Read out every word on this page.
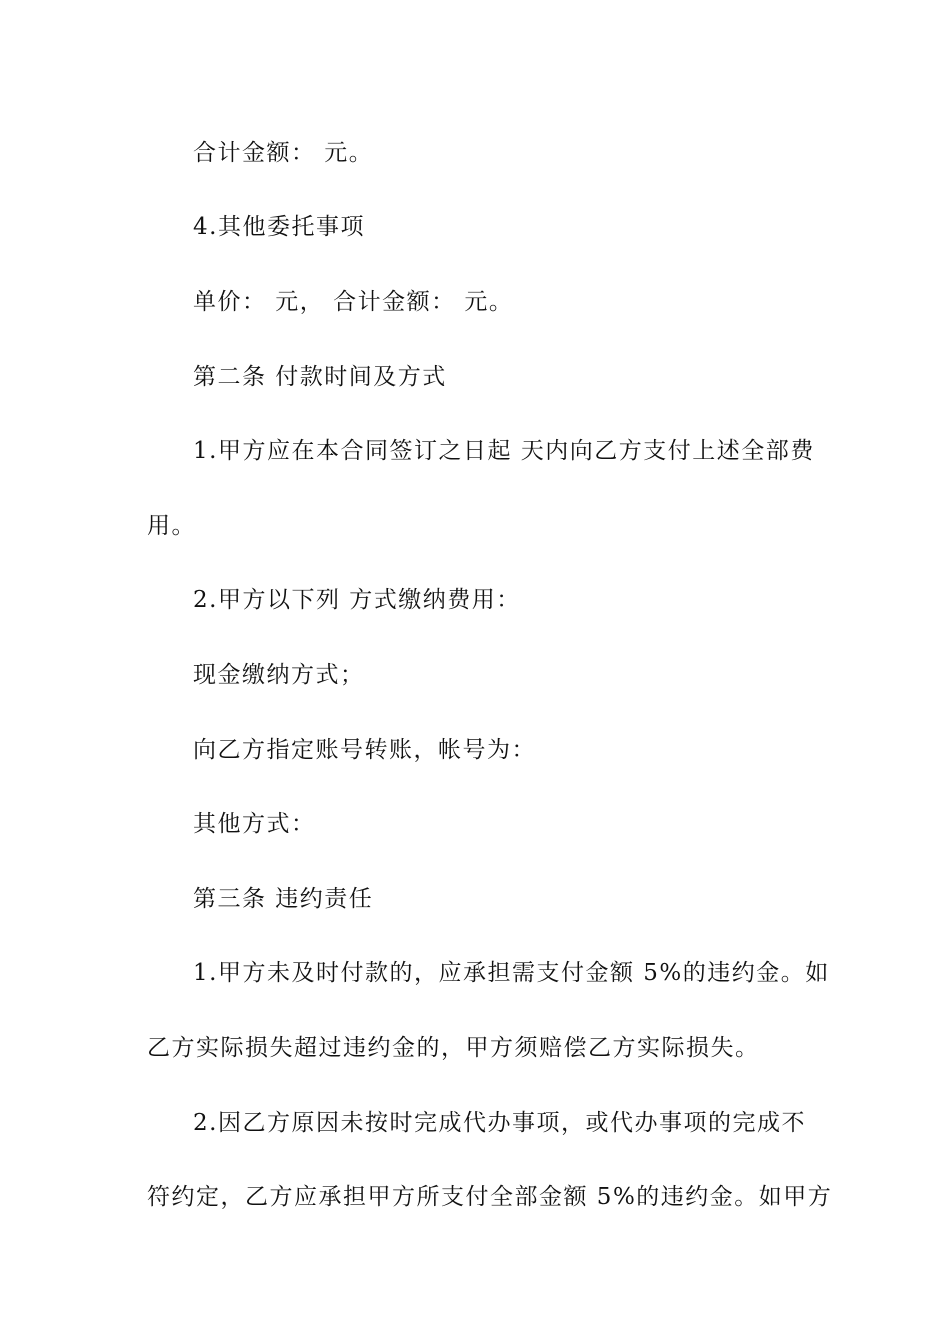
合计金额： 元。
4.其他委托事项
单价： 元， 合计金额： 元。
第二条 付款时间及方式
1.甲方应在本合同签订之日起 天内向乙方支付上述全部费
用。
2.甲方以下列 方式缴纳费用：
现金缴纳方式；
向乙方指定账号转账，帐号为：
其他方式：
第三条 违约责任
1.甲方未及时付款的，应承担需支付金额 5%的违约金。如
乙方实际损失超过违约金的，甲方须赔偿乙方实际损失。
2.因乙方原因未按时完成代办事项，或代办事项的完成不
符约定，乙方应承担甲方所支付全部金额 5%的违约金。如甲方
